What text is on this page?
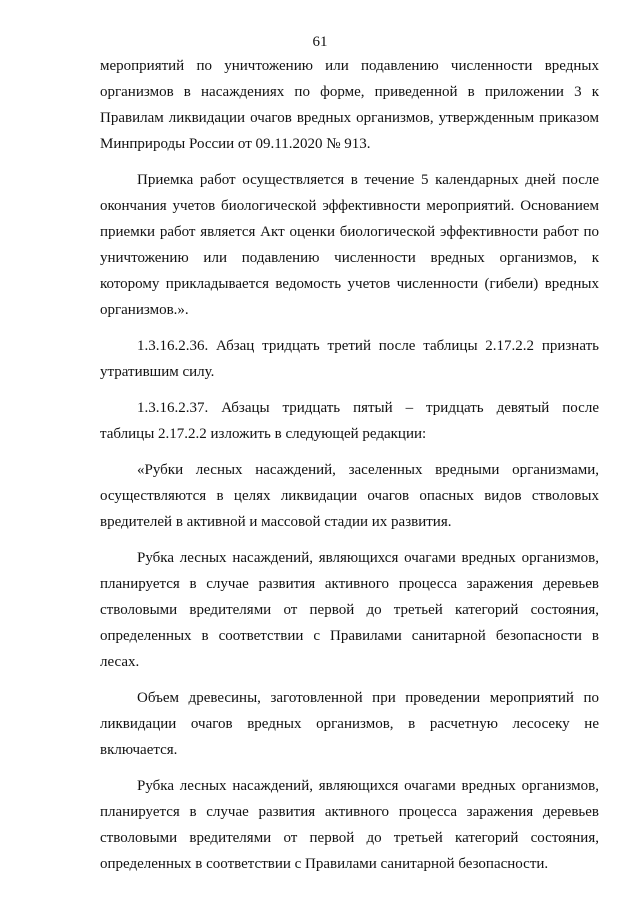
61

мероприятий по уничтожению или подавлению численности вредных
организмов в насаждениях по форме, приведенной в приложении 3 к
Правилам ликвидации очагов вредных организмов, утвержденным приказом
Минприроды России от 09.11.2020 № 913.

Приемка работ осуществляется в течение 5 календарных дней после
окончания учетов биологической эффективности мероприятий. Основанием
приемки работ является Акт оценки биологической эффективности работ по
уничтожению или подавлению численности вредных организмов, к
которому прикладывается ведомость учетов численности (гибели) вредных
организмов.».

1.3.16.2.36. Абзац тридцать третий после таблицы 2.17.2.2 признать
утратившим силу.

1.3.16.2.37. Абзацы тридцать пятый – тридцать девятый после
таблицы 2.17.2.2 изложить в следующей редакции:

«Рубки лесных насаждений, заселенных вредными организмами,
осуществляются в целях ликвидации очагов опасных видов стволовых
вредителей в активной и массовой стадии их развития.

Рубка лесных насаждений, являющихся очагами вредных организмов,
планируется в случае развития активного процесса заражения деревьев
стволовыми вредителями от первой до третьей категорий состояния,
определенных в соответствии с Правилами санитарной безопасности в
лесах.

Объем древесины, заготовленной при проведении мероприятий по
ликвидации очагов вредных организмов, в расчетную лесосеку не
включается.

Рубка лесных насаждений, являющихся очагами вредных организмов,
планируется в случае развития активного процесса заражения деревьев
стволовыми вредителями от первой до третьей категорий состояния,
определенных в соответствии с Правилами санитарной безопасности.
